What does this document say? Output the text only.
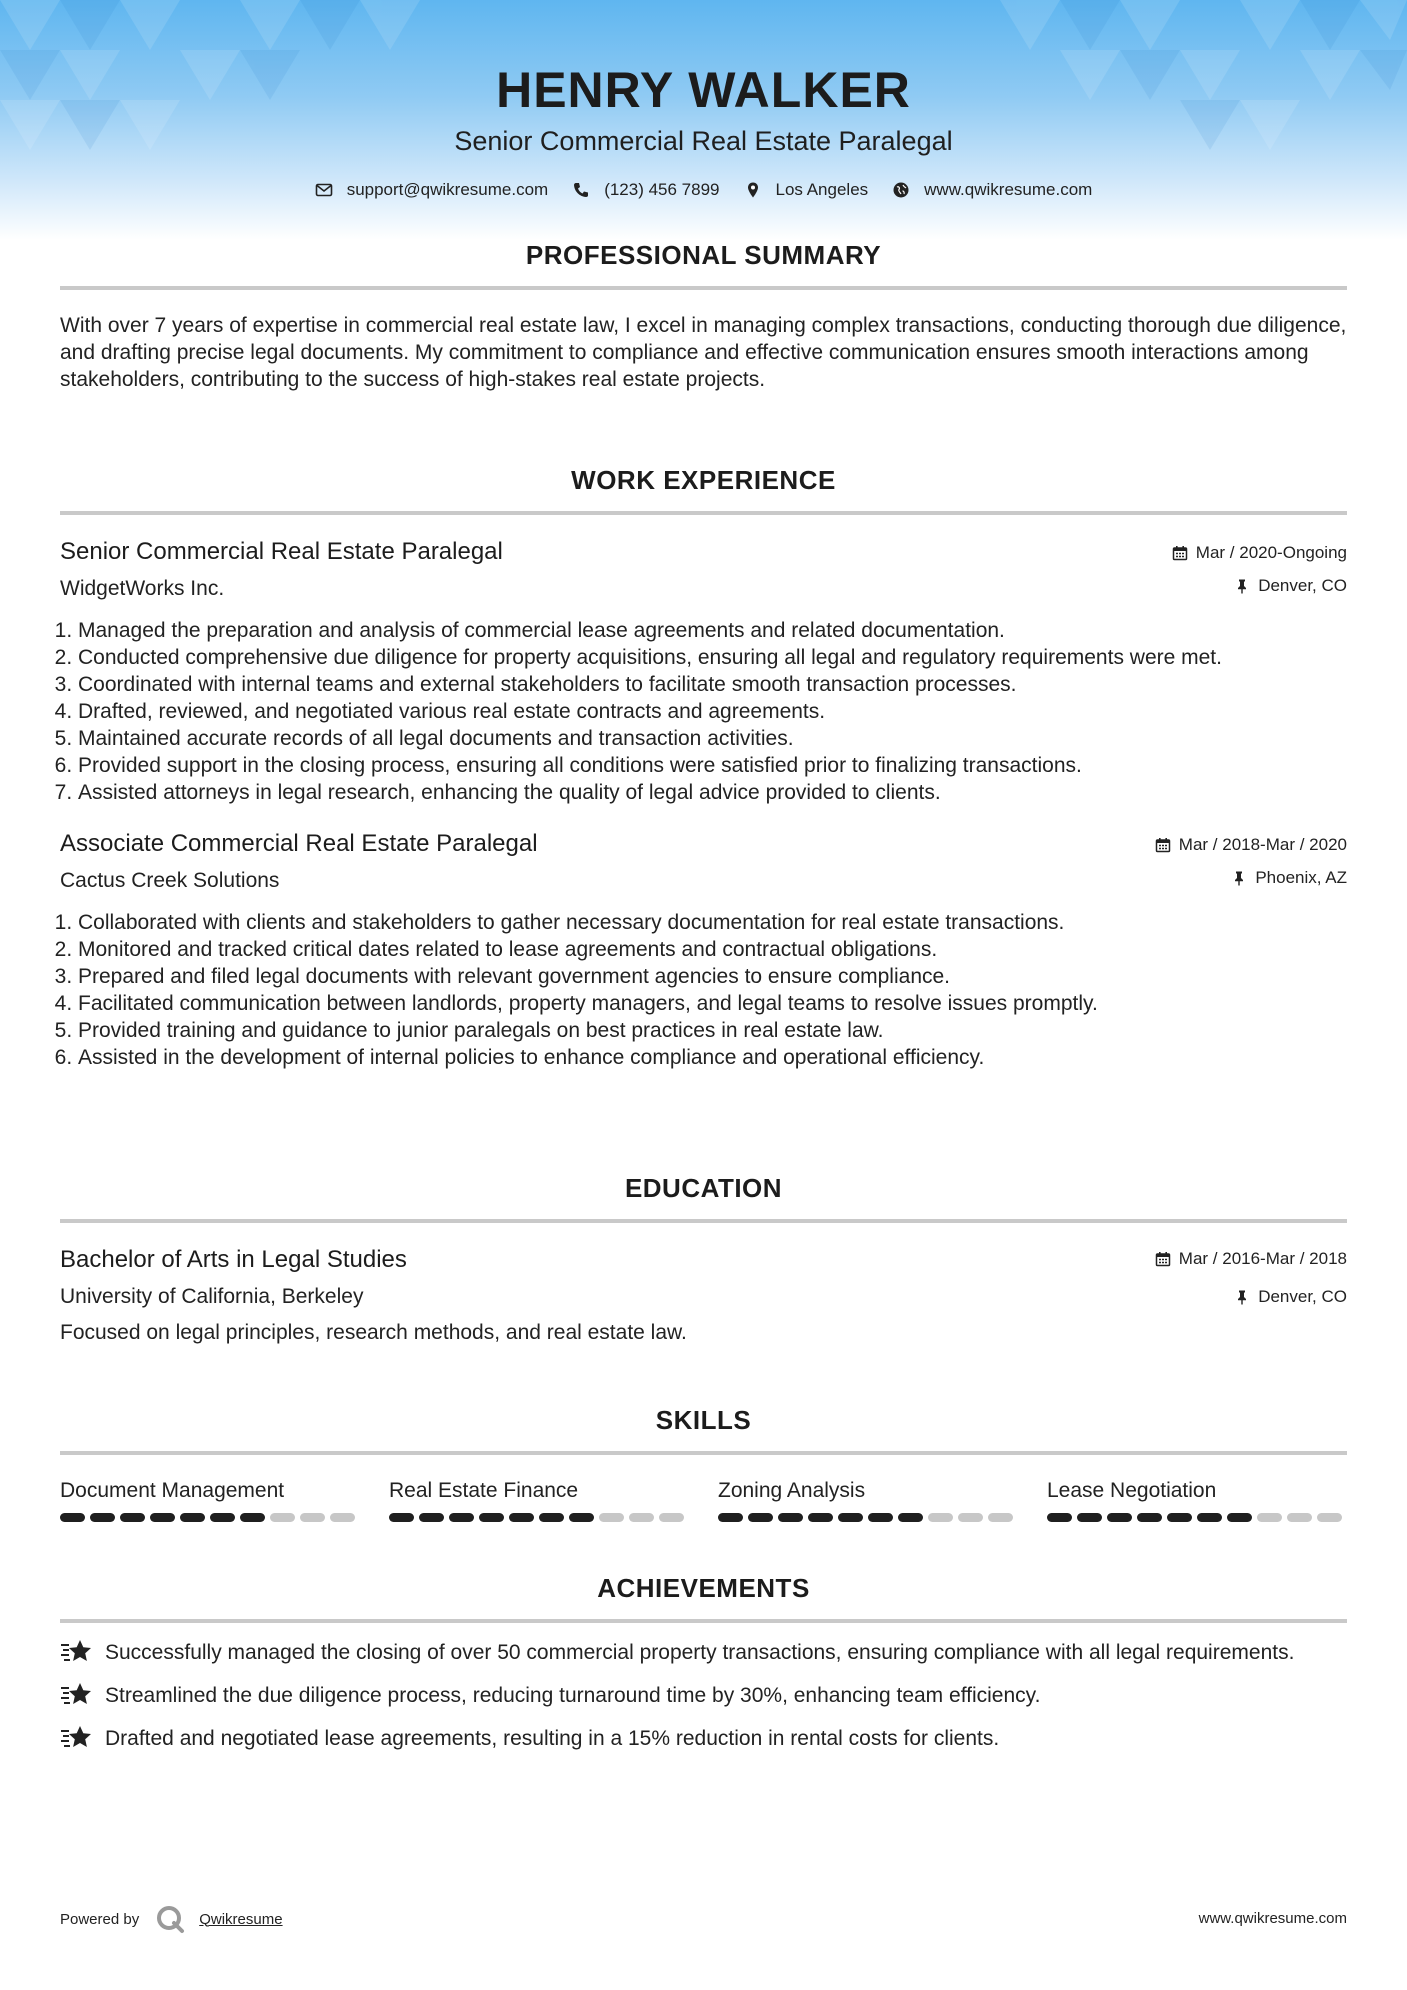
HENRY WALKER
Senior Commercial Real Estate Paralegal
support@qwikresume.com	(123) 456 7899	Los Angeles	www.qwikresume.com
PROFESSIONAL SUMMARY
With over 7 years of expertise in commercial real estate law, I excel in managing complex transactions, conducting thorough due diligence, and drafting precise legal documents. My commitment to compliance and effective communication ensures smooth interactions among stakeholders, contributing to the success of high-stakes real estate projects.
WORK EXPERIENCE
Senior Commercial Real Estate Paralegal	Mar / 2020-Ongoing
WidgetWorks Inc.	Denver, CO
1. Managed the preparation and analysis of commercial lease agreements and related documentation.
2. Conducted comprehensive due diligence for property acquisitions, ensuring all legal and regulatory requirements were met.
3. Coordinated with internal teams and external stakeholders to facilitate smooth transaction processes.
4. Drafted, reviewed, and negotiated various real estate contracts and agreements.
5. Maintained accurate records of all legal documents and transaction activities.
6. Provided support in the closing process, ensuring all conditions were satisfied prior to finalizing transactions.
7. Assisted attorneys in legal research, enhancing the quality of legal advice provided to clients.
Associate Commercial Real Estate Paralegal	Mar / 2018-Mar / 2020
Cactus Creek Solutions	Phoenix, AZ
1. Collaborated with clients and stakeholders to gather necessary documentation for real estate transactions.
2. Monitored and tracked critical dates related to lease agreements and contractual obligations.
3. Prepared and filed legal documents with relevant government agencies to ensure compliance.
4. Facilitated communication between landlords, property managers, and legal teams to resolve issues promptly.
5. Provided training and guidance to junior paralegals on best practices in real estate law.
6. Assisted in the development of internal policies to enhance compliance and operational efficiency.
EDUCATION
Bachelor of Arts in Legal Studies	Mar / 2016-Mar / 2018
University of California, Berkeley	Denver, CO
Focused on legal principles, research methods, and real estate law.
SKILLS
Document Management	Real Estate Finance	Zoning Analysis	Lease Negotiation
ACHIEVEMENTS
Successfully managed the closing of over 50 commercial property transactions, ensuring compliance with all legal requirements.
Streamlined the due diligence process, reducing turnaround time by 30%, enhancing team efficiency.
Drafted and negotiated lease agreements, resulting in a 15% reduction in rental costs for clients.
Powered by	Qwikresume	www.qwikresume.com
